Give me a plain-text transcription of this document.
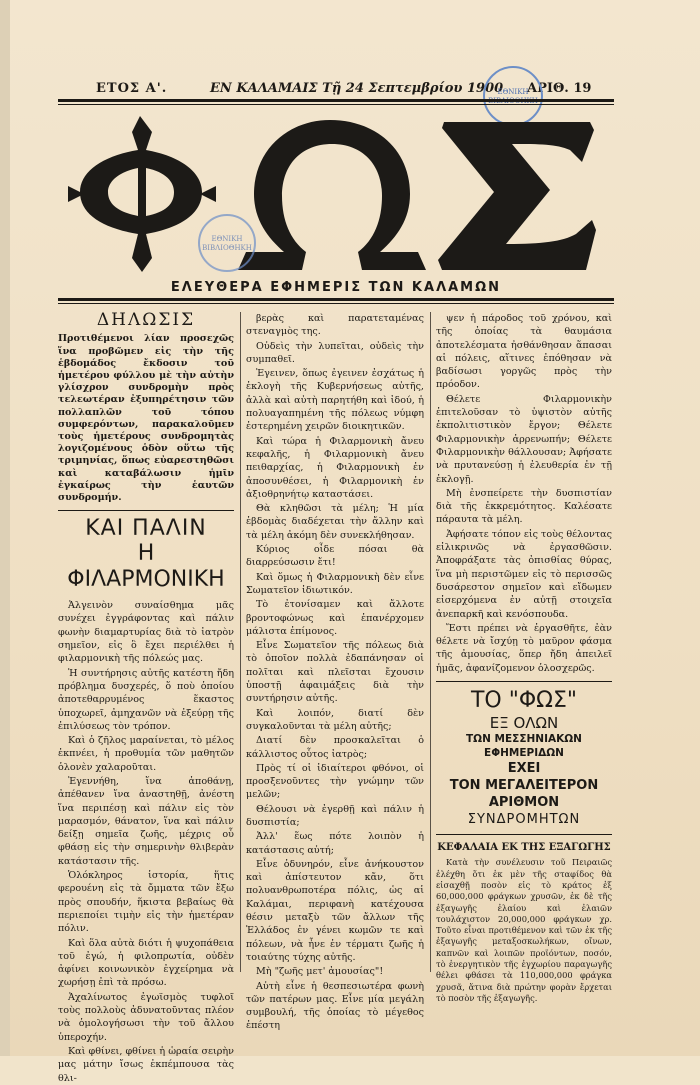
ΕΤΟΣ Α'.	ΕΝ ΚΑΛΑΜΑΙΣ Τῇ 24 Σεπτεμβρίου 1900 ΑΡΙΘ. 19
ΕΘΝΙΚΗ
ΕΘΝΙΚΗ ΒΙΒΛΙΟΘΗΚΗ
ΕΛΕΥΘΕΡΑ ΕΦΗΜΕΡΙΣ ΤΩΝ ΚΑΛΑΜΩΝ
ΔΗΛΩΣΙΣ
Προτιθέμενοι λίαν προσεχῶς ἵνα προβῶμεν εἰς τὴν τῆς ἑβδομάδος ἔκδοσιν τοῦ ἡμετέρου φύλλου μὲ τὴν αὐτὴν γλίσχρον συνδρομὴν πρὸς τελεωτέραν ἐξυπηρέτησιν τῶν πολλαπλῶν τοῦ τόπου συμφερόντων, παρακαλοῦμεν τοὺς ἡμετέρους συνδρομητὰς λογιζομένους ὁδὸν οὕτω τῆς τριμηνίας, ὅπως εὐαρεστηθῶσι καὶ καταβάλωσιν ἡμῖν ἐγκαίρως τὴν ἑαυτῶν συνδρομήν.
ΚΑΙ ΠΑΛΙΝ
Η ΦΙΛΑΡΜΟΝΙΚΗ

Ἀλγεινὸν συναίσθημα μᾶς συνέχει ἐγγράφοντας καὶ πάλιν φωνὴν διαμαρτυρίας διὰ τὸ ἰατρὸν σημεῖον, εἰς ὃ ἔχει περιέλθει ἡ φιλαρμονικὴ τῆς πόλεώς μας.

Ἡ συντήρησις αὐτῆς κατέστη ἤδη πρόβλημα δυσχερές, ὅ ποὺ ὁποίου ἀποτεθαρρυμένος ἕκαστος ὑποχωρεῖ, ἀμηχανῶν νὰ ἐξεύρῃ τῆς ἐπιλύσεως τὸν τρόπον.

Καὶ ὁ ζῆλος μαραίνεται, τὸ μέλος ἐκπνέει, ἡ προθυμία τῶν μαθητῶν ὁλονὲν χαλαροῦται.

Ἐγεννήθη, ἵνα ἀποθάνῃ, ἀπέθανεν ἵνα ἀναστηθῇ, ἀνέστη ἵνα περιπέσῃ καὶ πάλιν εἰς τὸν μαρασμόν, θάνατον, ἵνα καὶ πάλιν δείξῃ σημεῖα ζωῆς, μέχρις οὗ φθάσῃ εἰς τὴν σημερινὴν θλιβερὰν κατάστασιν τῆς.

Ὁλόκληρος ἱστορία, ἥτις φερουένη εἰς τὰ ὄμματα τῶν ἔξω πρὸς σπουδήν, ἥκιστα βεβαίως θὰ περιεποίει τιμὴν εἰς τὴν ἡμετέραν πόλιν.

Καὶ ὅλα αὐτὰ διότι ἡ ψυχοπάθεια τοῦ ἐγώ, ἡ φιλοπρωτία, οὐδὲν ἀφίνει κοινωνικὸν ἐγχείρημα νὰ χωρήσῃ ἐπὶ τὰ πρόσω.

Ἀχαλίνωτος ἐγωϊσμὸς τυφλοῖ τοὺς πολλοὺς ἀδυνατοῦντας πλέον νὰ ὁμολογήσωσι τὴν τοῦ ἄλλου ὑπεροχήν.

Καὶ φθίνει, φθίνει ἡ ὡραία σειρὴν μας μάτην ἴσως ἐκπέμπουσα τὰς θλι-

βερὰς καὶ παρατεταμένας στεναγμὸς της.

Οὐδεὶς τὴν λυπεῖται, οὐδεὶς τὴν συμπαθεῖ.

Ἐγεινεν, ὅπως ἐγεινεν ἐσχάτως ἡ ἐκλογὴ τῆς Κυβερνήσεως αὐτῆς, ἀλλὰ καὶ αὐτὴ παρητήθη καὶ ἰδού, ἡ πολυαγαπημένη τῆς πόλεως νύμφη ἐστερημένη χειρῶν διοικητικῶν.

Καὶ τώρα ἡ Φιλαρμονικὴ ἄνευ κεφαλῆς, ἡ Φιλαρμονικὴ ἄνευ πειθαρχίας, ἡ Φιλαρμονικὴ ἐν ἀποσυνθέσει, ἡ Φιλαρμονικὴ ἐν ἀξιοθρηνήτῳ καταστάσει.

Θὰ κληθῶσι τὰ μέλη; Ἡ μία ἑβδομὰς διαδέχεται τὴν ἄλλην καὶ τὰ μέλη ἀκόμη δὲν συνεκλήθησαν.

Κύριος οἶδε πόσαι θὰ διαρρεύσωσιν ἔτι!

Καὶ ὅμως ἡ Φιλαρμονικὴ δὲν εἶνε Σωματεῖον ἰδιωτικόν.

Τὸ ἐτονίσαμεν καὶ ἄλλοτε βροντοφώνως καὶ ἐπανέρχομεν μάλιστα ἐπίμονος.

Εἶνε Σωματεῖον τῆς πόλεως διὰ τὸ ὁποῖον πολλὰ ἐδαπάνησαν οἱ πολῖται καὶ πλεῖσται ἔχουσιν ὑποστῇ ἀφαιμάξεις διὰ τὴν συντήρησιν αὐτῆς.

Καὶ λοιπόν, διατί δὲν συγκαλοῦνται τὰ μέλη αὐτῆς;

Διατί δὲν προσκαλεῖται ὁ κάλλιστος οὗτος ἰατρὸς;

Πρὸς τί οἱ ἰδιαίτεροι φθόνοι, οἱ προσξενοῦντες τὴν γνώμην τῶν μελῶν;

Θέλουσι νὰ ἐγερθῇ καὶ πάλιν ἡ δυσπιστία;

Ἀλλ' ἕως πότε λοιπὸν ἡ κατάστασις αὐτή;

Εἶνε ὀδυνηρόν, εἶνε ἀνήκουστον καὶ ἀπίστευτον κἄν, ὅτι πολυανθρωποτέρα πόλις, ὡς αἱ Καλάμαι, περιφανὴ κατέχουσα θέσιν μεταξὺ τῶν ἄλλων τῆς Ἑλλάδος ἐν γένει κωμῶν τε καὶ πόλεων, νὰ ἦνε ἐν τέρματι ζωῆς ἡ τοιαύτης τύχης αὐτῆς.

Μὴ "ζωῆς μετ' ἀμουσίας"!

Αὐτὴ εἶνε ἡ θεσπεσιωτέρα φωνὴ τῶν πατέρων μας. Εἶνε μία μεγάλη συμβουλή, τῆς ὁποίας τὸ μέγεθος ἐπέστη

ψεν ἡ πάροδος τοῦ χρόνου, καὶ τῆς ὁποίας τὰ θαυμάσια ἀποτελέσματα ἠσθάνθησαν ἅπασαι αἱ πόλεις, αἵτινες ἐπόθησαν νὰ βαδίσωσι γοργῶς πρὸς τὴν πρόοδον.

Θέλετε Φιλαρμονικὴν ἐπιτελοῦσαν τὸ ὑψιστὸν αὐτῆς ἐκπολιτιστικὸν ἔργον; Θέλετε Φιλαρμονικὴν ἀρρενωπήν; Θέλετε Φιλαρμονικὴν θάλλουσαν; Ἀφήσατε νὰ πρυτανεύσῃ ἡ ἐλευθερία ἐν τῇ ἐκλογῇ.

Μὴ ἐνσπείρετε τὴν δυσπιστίαν διὰ τῆς ἐκκρεμότητος. Καλέσατε πάραυτα τὰ μέλη.

Ἀφήσατε τόπον εἰς τοὺς θέλοντας εἰλικρινῶς νὰ ἐργασθῶσιν. Ἀποφράξατε τὰς ὀπισθίας θύρας, ἵνα μὴ περιστῶμεν εἰς τὸ περισσῶς δυσάρεστον σημεῖον καὶ εἴδωμεν εἰσερχόμενα ἐν αὐτῇ στοιχεῖα ἀνεπαρκῆ καὶ κενόσπουδα.

Ἔστι πρέπει νὰ ἐργασθῆτε, ἐὰν θέλετε νὰ ἴσχύῃ τὸ μαῦρον φάσμα τῆς ἀμουσίας, ὅπερ ἤδη ἀπειλεῖ ἡμᾶς, ἀφανίζομενον ὁλοσχερῶς.

ΤΟ "ΦΩΣ"
ΕΞ ΟΛΩΝ
ΤΩΝ ΜΕΣΣΗΝΙΑΚΩΝ ΕΦΗΜΕΡΙΔΩΝ
ΕΧΕΙ
ΤΟΝ ΜΕΓΑΛΕΙΤΕΡΟΝ ΑΡΙΘΜΟΝ
ΣΥΝΔΡΟΜΗΤΩΝ
ΚΕΦΑΛΑΙΑ ΕΚ ΤΗΣ ΕΞΑΓΩΓΗΣ

Κατὰ τὴν συνέλευσιν τοῦ Πειραιῶς ἐλέχθη ὅτι ἐκ μὲν τῆς σταφίδος θὰ εἰσαχθῇ ποσὸν εἰς τὸ κράτος ἐξ 60,000,000 φράγκων χρυσῶν, ἐκ δὲ τῆς ἐξαγωγῆς ἐλαίου καὶ ἐλαιῶν τουλάχιστον 20,000,000 φράγκων χρ. Τοῦτο εἶναι προτιθέμενον καὶ τῶν ἐκ τῆς ἐξαγωγῆς μεταξοσκωλήκων, οἴνων, καπνῶν καὶ λοιπῶν προϊόντων, ποσόν, τὸ ἐνεργητικὸν τῆς ἐγχωρίου παραγωγῆς θέλει φθάσει τὰ 110,000,000 φράγκα χρυσᾶ, ἅτινα διὰ πρώτην φορὰν ἔρχεται τὸ ποσὸν τῆς ἐξαγωγῆς.
